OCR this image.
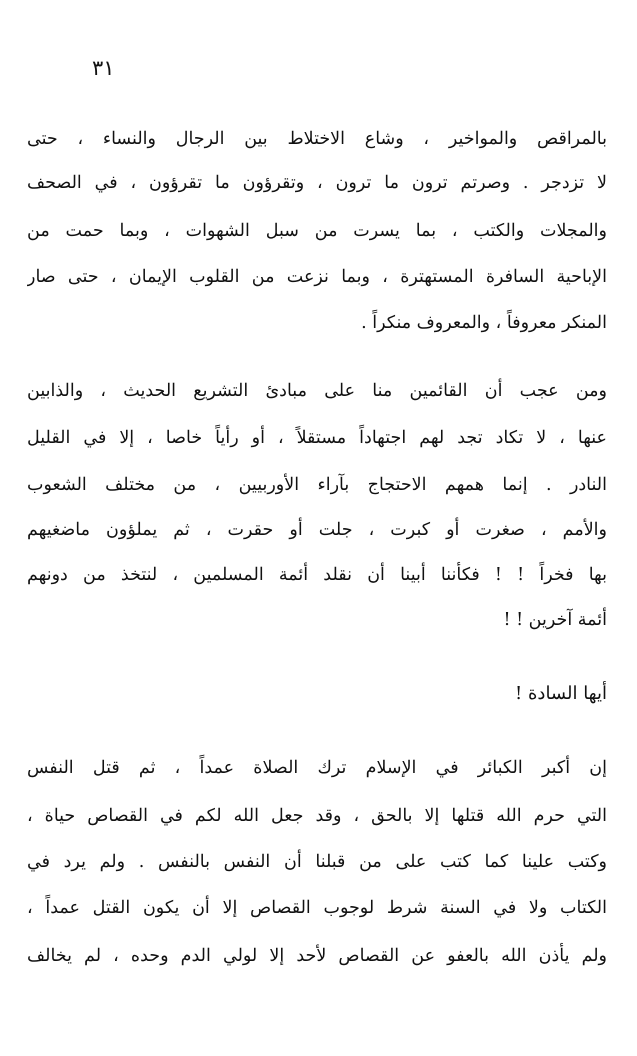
٣١
بالمراقص والمواخير ، وشاع الاختلاط بين الرجال والنساء ، حتى
لا تزدجر . وصرتم ترون ما ترون ، وتقرؤون ما تقرؤون ، في الصحف
والمجلات والكتب ، بما يسرت من سبل الشهوات ، وبما حمت من
الإباحية السافرة المستهترة ، وبما نزعت من القلوب الإيمان ، حتى صار
المنكر معروفاً ، والمعروف منكراً .
ومن عجب أن القائمين منا على مبادئ التشريع الحديث ، والذابين
عنها ، لا تكاد تجد لهم اجتهاداً مستقلاً ، أو رأياً خاصا ، إلا في القليل
النادر . إنما همهم الاحتجاج بآراء الأوربيين ، من مختلف الشعوب
والأمم ، صغرت أو كبرت ، جلت أو حقرت ، ثم يملؤون ماضغيهم
بها فخراً ! ! فكأننا أبينا أن نقلد أئمة المسلمين ، لنتخذ من دونهم
أئمة آخرين ! !
أيها السادة !
إن أكبر الكبائر في الإسلام ترك الصلاة عمداً ، ثم قتل النفس
التي حرم الله قتلها إلا بالحق ، وقد جعل الله لكم في القصاص حياة ،
وكتب علينا كما كتب على من قبلنا أن النفس بالنفس . ولم يرد في
الكتاب ولا في السنة شرط لوجوب القصاص إلا أن يكون القتل عمداً ،
ولم يأذن الله بالعفو عن القصاص لأحد إلا لولي الدم وحده ، لم يخالف
